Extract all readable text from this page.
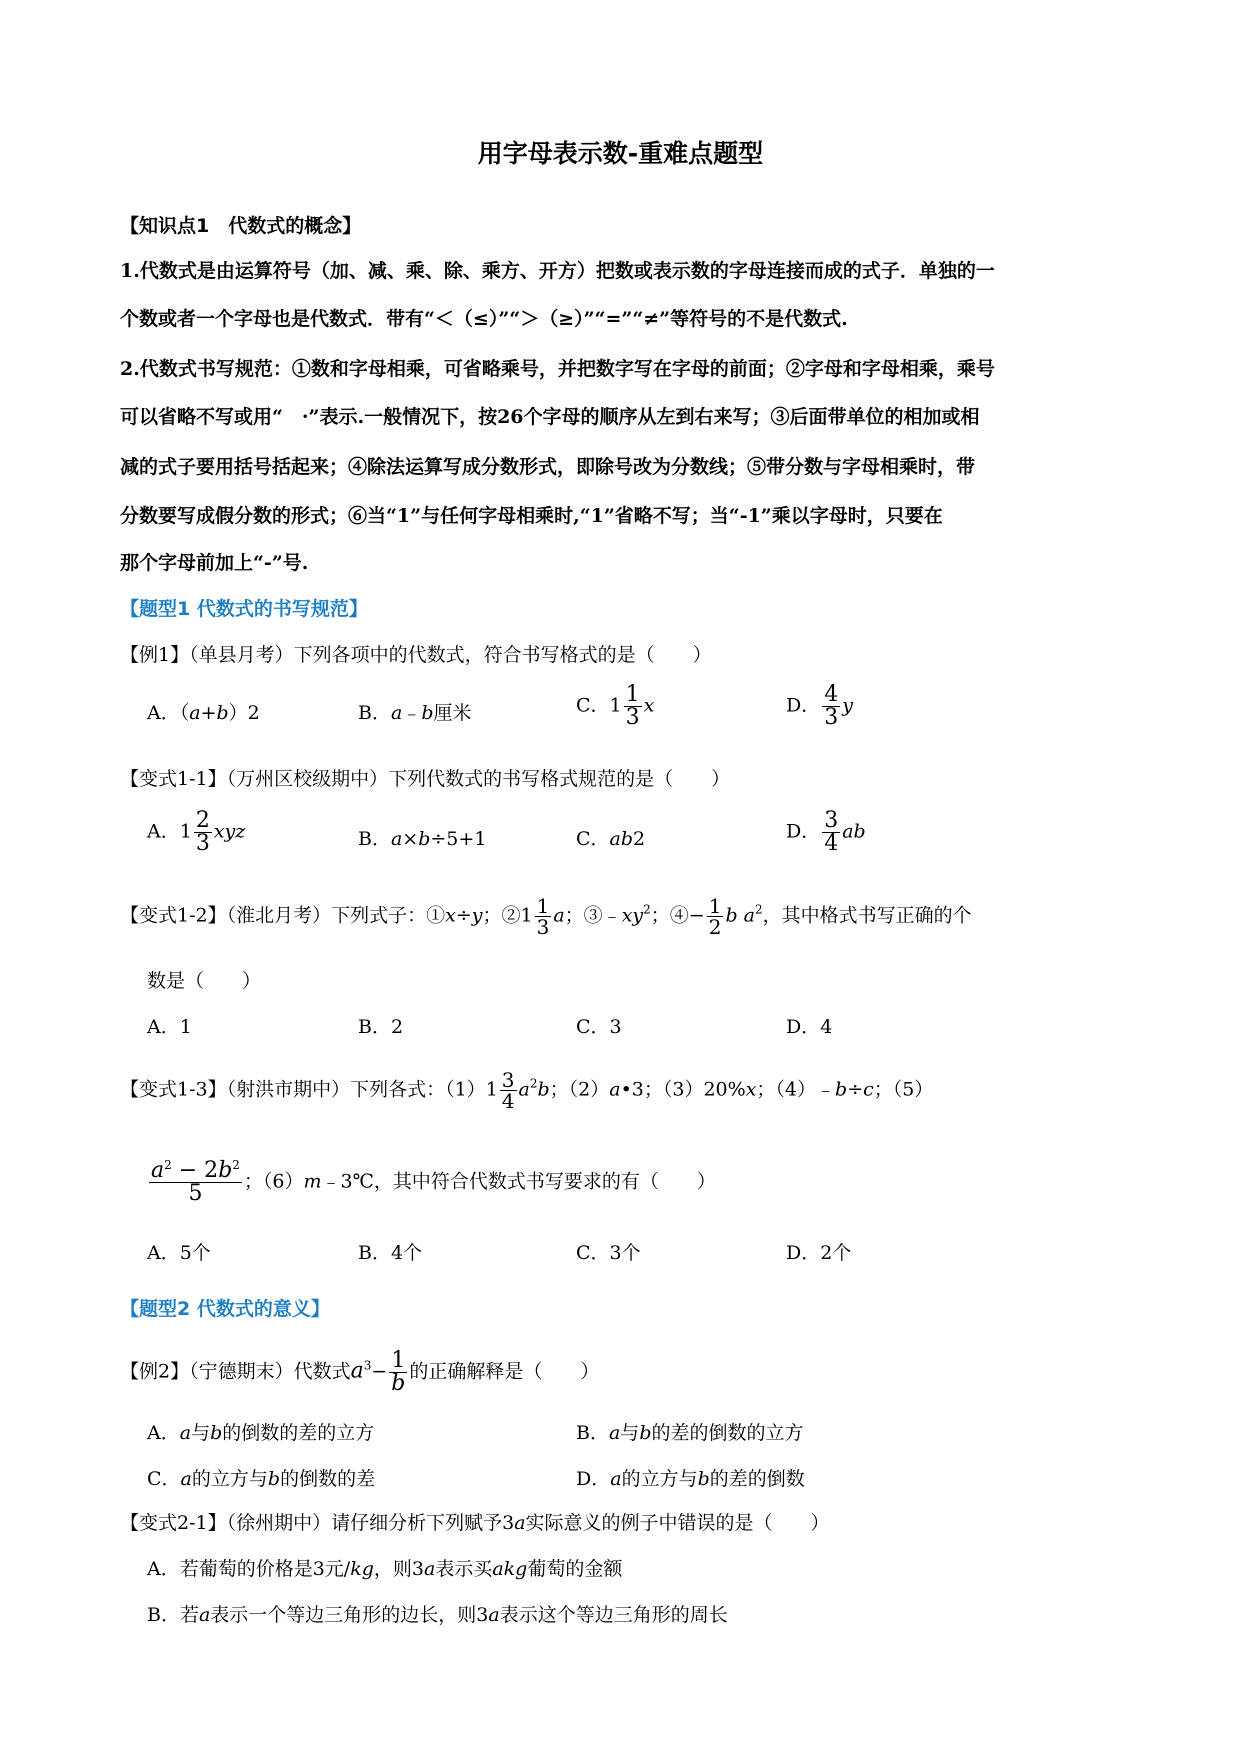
用字母表示数-重难点题型
【知识点1　代数式的概念】
1.代数式是由运算符号（加、减、乘、除、乘方、开方）把数或表示数的字母连接而成的式子．单独的一
个数或者一个字母也是代数式．带有“＜（≤）”“＞（≥）”“=”“≠”等符号的不是代数式.
2.代数式书写规范：①数和字母相乘，可省略乘号，并把数字写在字母的前面；②字母和字母相乘，乘号
可以省略不写或用“　·”表示.一般情况下，按26个字母的顺序从左到右来写；③后面带单位的相加或相
减的式子要用括号括起来；④除法运算写成分数形式，即除号改为分数线；⑤带分数与字母相乘时，带
分数要写成假分数的形式；⑥当“1”与任何字母相乘时,“1”省略不写；当“-1”乘以字母时，只要在
那个字母前加上“-”号.
【题型1 代数式的书写规范】
【例1】（单县月考）下列各项中的代数式，符合书写格式的是（　　）
A．（a+b）2	B．a﹣b厘米	C．$1 \frac{1}{3}$ x	D． $\frac{4}{3}$ y
【变式1-1】（万州区校级期中）下列代数式的书写格式规范的是（　　）
A．$1 \frac{2}{3}$ xyz	B．a×b÷5+1	C．ab2	D． $\frac{3}{4}$ ab
【变式1-2】（淮北月考）下列式子：①x÷y；②1 $\frac{1}{3}$ a；$③﹣xy^2$；④− $\frac{1}{2}$ b $a^2$，其中格式书写正确的个
数是（　　）
A．1	B．2	C．3	D．4
【变式1-3】（射洪市期中）下列各式：$(1)1 \frac{3}{4} a^2b$；（2）a•3；（3）20%x；（4）﹣b÷c；（5）
$\frac{a^2 - 2b^2}{5}$ ；（6）m﹣3℃，其中符合代数式书写要求的有（　　）
A．5个	B．4个	C．3个	D．2个
【题型2 代数式的意义】
【例2】（宁德期末）代数式$a^3- \frac{1}{b}$ 的正确解释是（　　）
A．a与b的倒数的差的立方	B．a与b的差的倒数的立方
C．a的立方与b的倒数的差	D．a的立方与b的差的倒数
【变式2-1】（徐州期中）请仔细分析下列赋予3a实际意义的例子中错误的是（　　）
A．若葡萄的价格是3元/kg，则3a表示买akg葡萄的金额
B．若a表示一个等边三角形的边长，则3a表示这个等边三角形的周长
